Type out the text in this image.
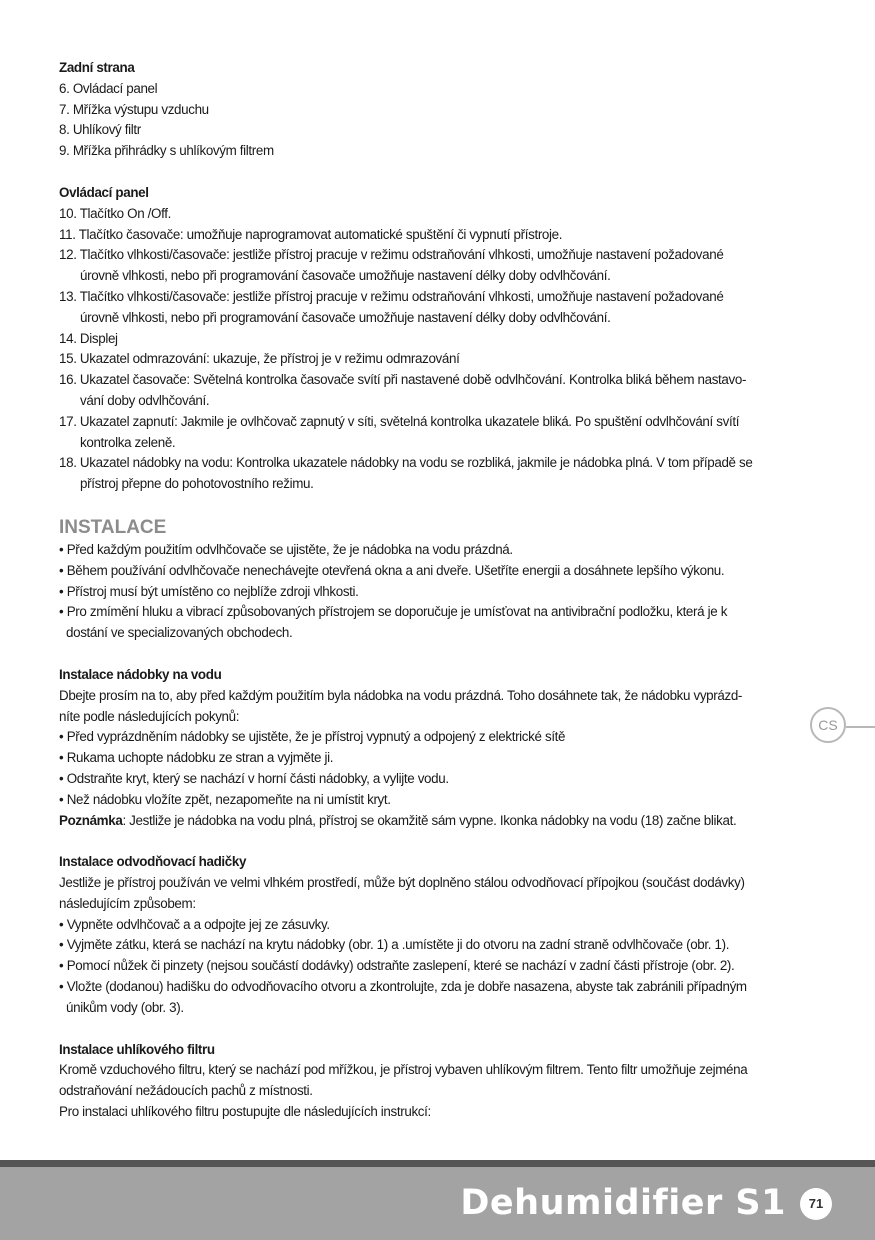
Zadní strana

6. Ovládací panel

7. Mřížka výstupu vzduchu

8. Uhlíkový filtr

9. Mřížka přihrádky s uhlíkovým filtrem

Ovládací panel

10. Tlačítko On /Off.

11. Tlačítko časovače: umožňuje naprogramovat automatické spuštění či vypnutí přístroje.

12. Tlačítko vlhkosti/časovače: jestliže přístroj pracuje v režimu odstraňování vlhkosti, umožňuje nastavení požadované úrovně vlhkosti, nebo při programování časovače umožňuje nastavení délky doby odvlhčování.

13. Tlačítko vlhkosti/časovače: jestliže přístroj pracuje v režimu odstraňování vlhkosti, umožňuje nastavení požadované úrovně vlhkosti, nebo při programování časovače umožňuje nastavení délky doby odvlhčování.

14. Displej

15. Ukazatel odmrazování: ukazuje, že přístroj je v režimu odmrazování

16. Ukazatel časovače: Světelná kontrolka časovače svítí při nastavené době odvlhčování. Kontrolka bliká během nastavo-vání doby odvlhčování.

17. Ukazatel zapnutí: Jakmile je ovlhčovač zapnutý v síti, světelná kontrolka ukazatele bliká. Po spuštění odvlhčování svítí kontrolka zeleně.

18. Ukazatel nádobky na vodu: Kontrolka ukazatele nádobky na vodu se rozbliká, jakmile je nádobka plná. V tom případě se přístroj přepne do pohotovostního režimu.

INSTALACE

• Před každým použitím odvlhčovače se ujistěte, že je nádobka na vodu prázdná.

• Během používání odvlhčovače nenechávejte otevřená okna a ani dveře. Ušetříte energii a dosáhnete lepšího výkonu.

• Přístroj musí být umístěno co nejblíže zdroji vlhkosti.

• Pro zmímění hluku a vibrací způsobovaných přístrojem se doporučuje je umísťovat na antivibrační podložku, která je k dostání ve specializovaných obchodech.

Instalace nádobky na vodu

Dbejte prosím na to, aby před každým použitím byla nádobka na vodu prázdná. Toho dosáhnete tak, že nádobku vyprázd-níte podle následujících pokynů:

• Před vyprázdněním nádobky se ujistěte, že je přístroj vypnutý a odpojený z elektrické sítě

• Rukama uchopte nádobku ze stran a vyjměte ji.

• Odstraňte kryt, který se nachází v horní části nádobky, a vylijte vodu.

• Než nádobku vložíte zpět, nezapomeňte na ni umístit kryt.

Poznámka: Jestliže je nádobka na vodu plná, přístroj se okamžitě sám vypne. Ikonka nádobky na vodu (18) začne blikat.

Instalace odvodňovací hadičky

Jestliže je přístroj používán ve velmi vlhkém prostředí, může být doplněno stálou odvodňovací přípojkou (součást dodávky) následujícím způsobem:

• Vypněte odvlhčovač a a odpojte jej ze zásuvky.

• Vyjměte zátku, která se nachází na krytu nádobky (obr. 1) a .umístěte ji do otvoru na zadní straně odvlhčovače (obr. 1).

• Pomocí nůžek či pinzety (nejsou součástí dodávky) odstraňte zaslepení, které se nachází v zadní části přístroje (obr. 2).

• Vložte (dodanou) hadišku do odvodňovacího otvoru a zkontrolujte, zda je dobře nasazena, abyste tak zabránili případným únikům vody (obr. 3).

Instalace uhlíkového filtru

Kromě vzduchového filtru, který se nachází pod mřížkou, je přístroj vybaven uhlíkovým filtrem. Tento filtr umožňuje zejména odstraňování nežádoucích pachů z místnosti.

Pro instalaci uhlíkového filtru postupujte dle následujících instrukcí:

CS
Dehumidifier S1	71
